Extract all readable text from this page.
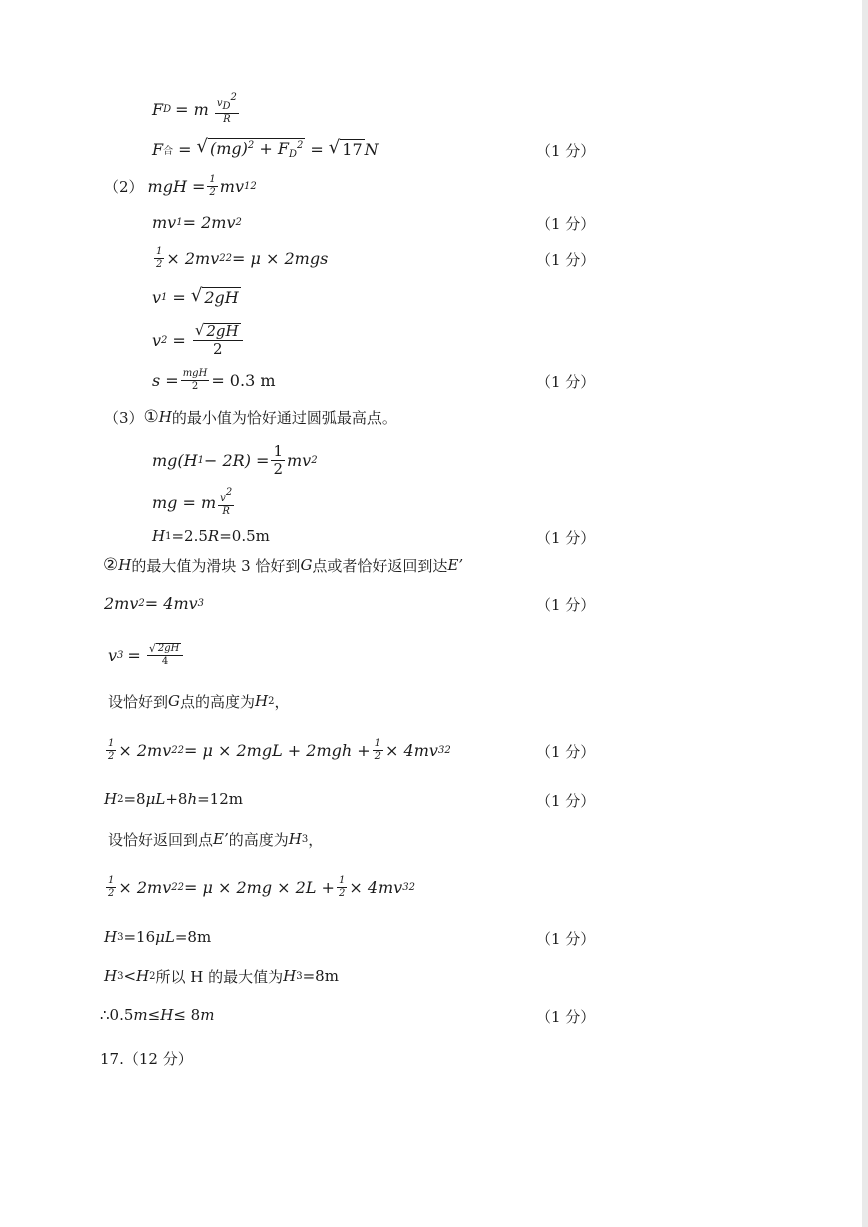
F D = m $\frac{v_D^2}{R}$
F 合 = √ $(mg)^2 + F_D^2$ = √ 17 N	（1 分）
（2） mgH = $\frac{1}{2}$ mv 1 2
mv 1 = 2mv 2	（1 分）
$\frac{1}{2} \times 2mv$ 2 2 = μ × 2mgs	（1 分）
v 1 = √ 2gH
v $2 = \frac{√ 2gH}{2}$
$s = \frac{\text{mgH}}{2} = 0.3$ m	（1 分）
（3） ① H 的最小值为恰好通过圆弧最高点。
mg(H $1 - 2R) = \frac{1}{2}$ mv 2
mg = m $\frac{v^2}{R}$
H 1 =2.5 R =0.5m	（1 分）
② H 的最大值为滑块 3 恰好到 G 点或者恰好返回到达 E’
2mv 2 = 4mv 3	（1 分）
v $3 = \frac{√ 2gH}{4}$
设恰好到 G 点的高度为 H 2 ，
$\frac{1}{2} \times 2mv$ 2 $2 = \mu \times 2mgL + 2mgh + \frac{1}{2} \times 4mv$ 3 2	（1 分）
H 2 =8 μL +8 h =12m	（1 分）
设恰好返回到点 E’ 的高度为 H 3 ，
$\frac{1}{2} \times 2mv$ 2 $2 = \mu \times 2mg \times 2L + \frac{1}{2} \times 4mv$ 3 2
H 3 =16 μL =8m	（1 分）
H 3 < H 2 所以 H 的最大值为 H 3 =8m
∴0.5 m ≤ H ≤ 8 m	（1 分）
17.（12 分）
